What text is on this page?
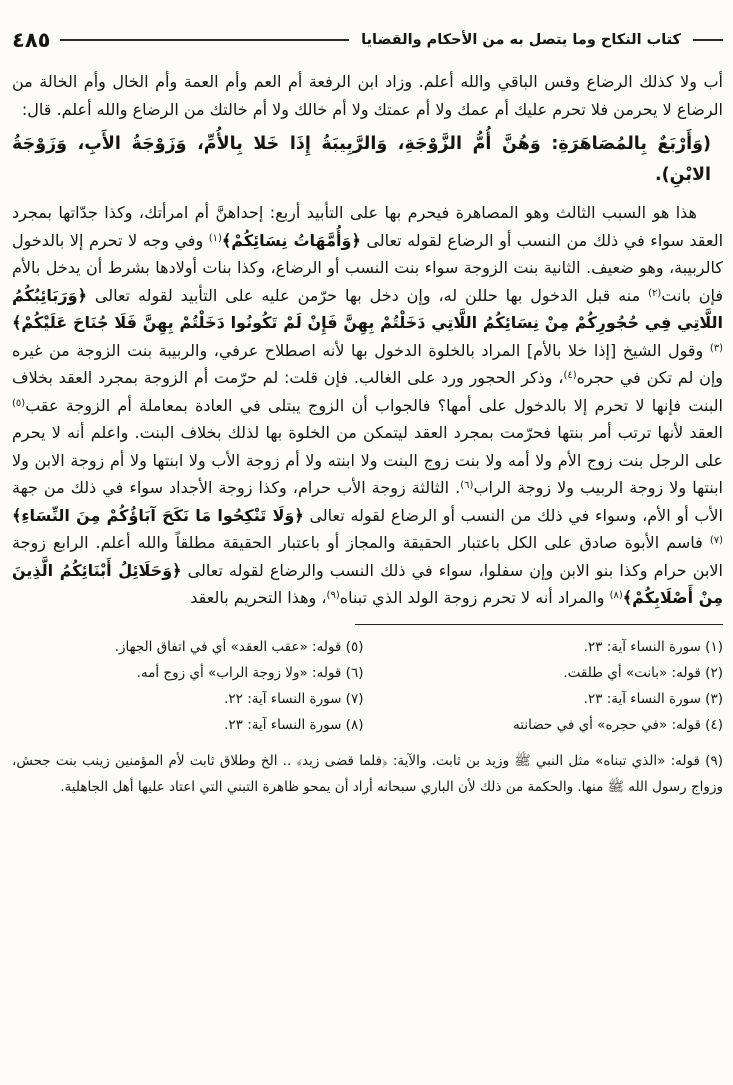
٤٨٥	كتاب النكاح وما يتصل به من الأحكام والقضايا

أب ولا كذلك الرضاع وقس الباقي والله أعلم. وزاد ابن الرفعة أم العم وأم العمة وأم الخال وأم الخالة من الرضاع لا يحرمن فلا تحرم عليك أم عمك ولا أم عمتك ولا أم خالك ولا أم خالتك من الرضاع والله أعلم. قال:

(وَأَرْبَعٌ بِالمُصَاهَرَةِ: وَهُنَّ أُمُّ الزَّوْجَةِ، وَالرَّبِيبَةُ إِذَا خَلا بِالأُمِّ، وَزَوْجَةُ الأَبِ، وَزَوْجَةُ الابْنِ).

هذا هو السبب الثالث وهو المصاهرة فيحرم بها على التأبيد أربع: إحداهنَّ أم امرأتك، وكذا جدّاتها بمجرد العقد سواء في ذلك من النسب أو الرضاع لقوله تعالى ﴿وَأُمَّهَاتُ نِسَائِكُمْ﴾$^{(١)}$ وفي وجه لا تحرم إلا بالدخول كالربيبة، وهو ضعيف. الثانية بنت الزوجة سواء بنت النسب أو الرضاع، وكذا بنات أولادها بشرط أن يدخل بالأم فإن بانت$^{(٢)}$ منه قبل الدخول بها حللن له، وإن دخل بها حرّمن عليه على التأبيد لقوله تعالى ﴿وَرَبَائِبُكُمُ اللَّاتِي فِي حُجُورِكُمْ مِنْ نِسَائِكُمُ اللَّاتِي دَخَلْتُمْ بِهِنَّ فَإِنْ لَمْ تَكُونُوا دَخَلْتُمْ بِهِنَّ فَلَا جُنَاحَ عَلَيْكُمْ﴾$^{(٣)}$ وقول الشيخ [إذا خلا بالأم] المراد بالخلوة الدخول بها لأنه اصطلاح عرفي، والربيبة بنت الزوجة من غيره وإن لم تكن في حجره$^{(٤)}$، وذكر الحجور ورد على الغالب. فإن قلت: لم حرّمت أم الزوجة بمجرد العقد بخلاف البنت فإنها لا تحرم إلا بالدخول على أمها؟ فالجواب أن الزوج يبتلى في العادة بمعاملة أم الزوجة عقب$^{(٥)}$ العقد لأنها ترتب أمر بنتها فحرّمت بمجرد العقد ليتمكن من الخلوة بها لذلك بخلاف البنت. واعلم أنه لا يحرم على الرجل بنت زوج الأم ولا أمه ولا بنت زوج البنت ولا ابنته ولا أم زوجة الأب ولا ابنتها ولا أم زوجة الابن ولا ابنتها ولا زوجة الربيب ولا زوجة الراب$^{(٦)}$. الثالثة زوجة الأب حرام، وكذا زوجة الأجداد سواء في ذلك من جهة الأب أو الأم، وسواء في ذلك من النسب أو الرضاع لقوله تعالى ﴿وَلَا تَنْكِحُوا مَا نَكَحَ آبَاؤُكُمْ مِنَ النِّسَاءِ﴾$^{(٧)}$ فاسم الأبوة صادق على الكل باعتبار الحقيقة والمجاز أو باعتبار الحقيقة مطلقاً والله أعلم. الرابع زوجة الابن حرام وكذا بنو الابن وإن سفلوا، سواء في ذلك النسب والرضاع لقوله تعالى ﴿وَحَلَائِلُ أَبْنَائِكُمُ الَّذِينَ مِنْ أَصْلَابِكُمْ﴾$^{(٨)}$ والمراد أنه لا تحرم زوجة الولد الذي تبناه$^{(٩)}$، وهذا التحريم بالعقد

(١) سورة النساء آية: ٢٣.

(٢) قوله: «بانت» أي طلقت.

(٣) سورة النساء آية: ٢٣.

(٤) قوله: «في حجره» أي في حضانته

(٥) قوله: «عقب العقد» أي في اتفاق الجهاز.

(٦) قوله: «ولا زوجة الراب» أي زوج أمه.

(٧) سورة النساء آية: ٢٢.

(٨) سورة النساء آية: ٢٣.

(٩) قوله: «الذي تبناه» مثل النبي ﷺ وزيد بن ثابت. والآية: ﴿فلما قضى زيد﴾ .. الخ وطلاق ثابت لأم المؤمنين زينب بنت جحش، وزواج رسول الله ﷺ منها. والحكمة من ذلك لأن الباري سبحانه أراد أن يمحو ظاهرة التبني التي اعتاد عليها أهل الجاهلية.
